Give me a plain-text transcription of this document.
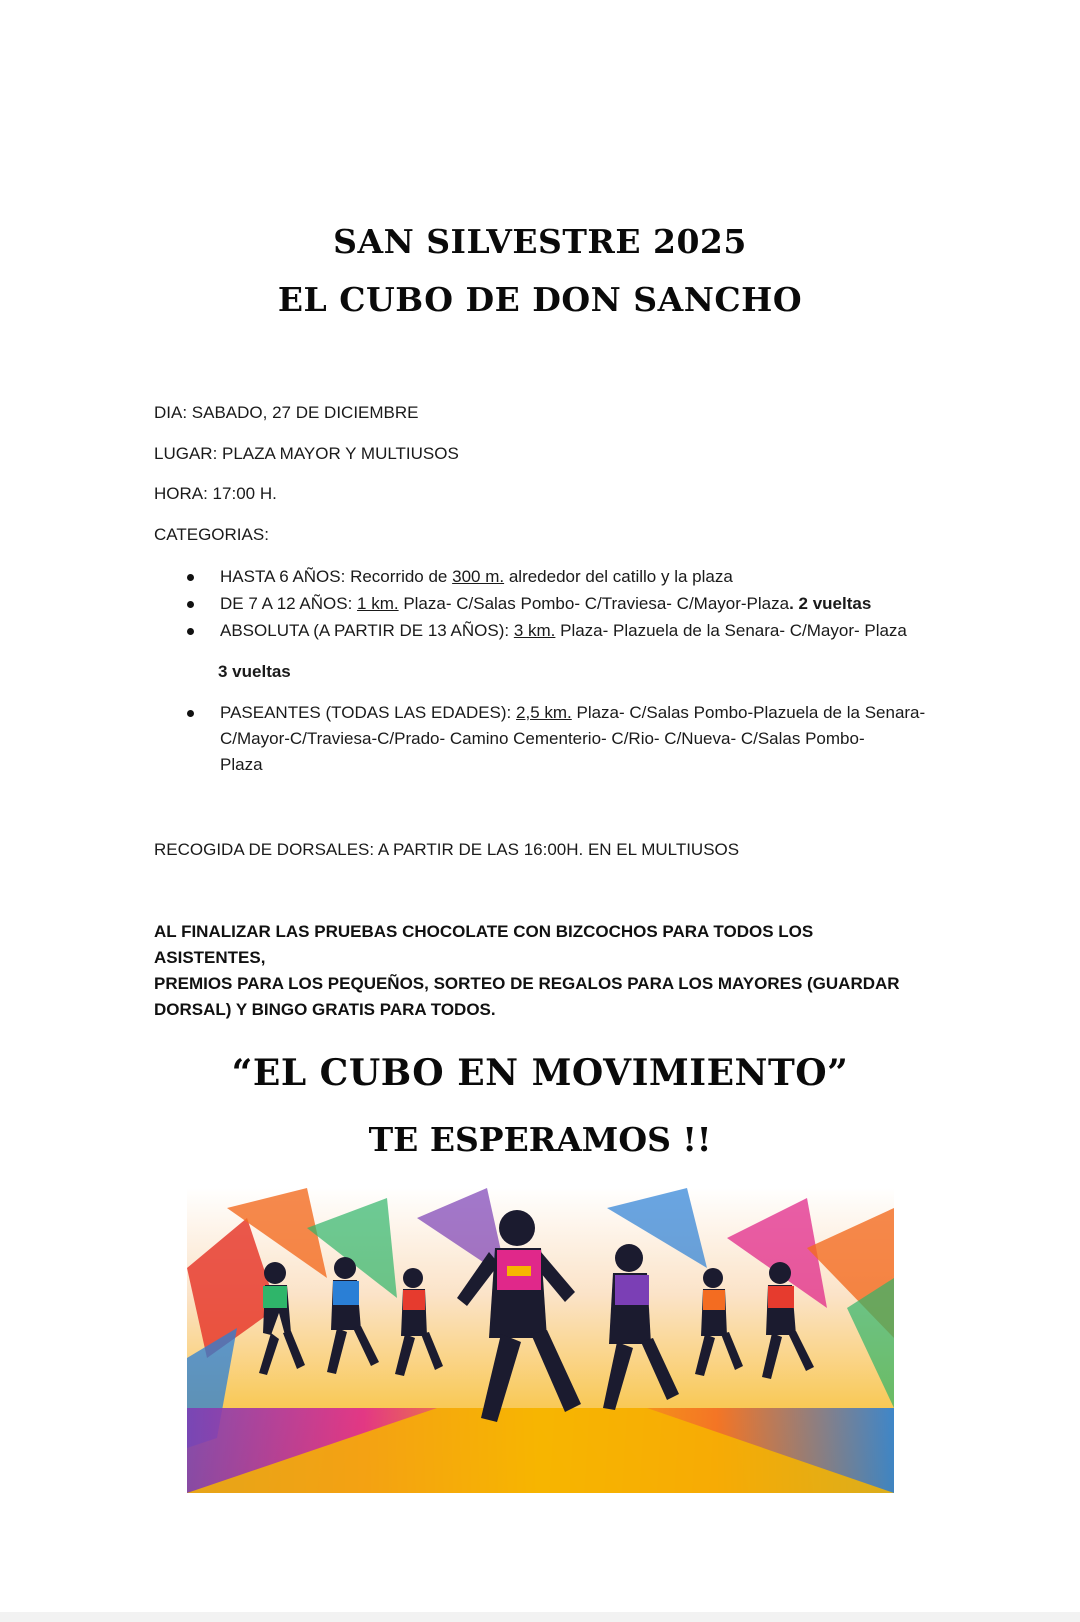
SAN SILVESTRE 2025
EL CUBO DE DON SANCHO
DIA: SABADO, 27 DE DICIEMBRE
LUGAR: PLAZA MAYOR Y MULTIUSOS
HORA: 17:00 H.
CATEGORIAS:
HASTA 6 AÑOS: Recorrido de 300 m. alrededor del catillo y la plaza
DE 7 A 12 AÑOS: 1 km. Plaza- C/Salas Pombo- C/Traviesa- C/Mayor-Plaza. 2 vueltas
ABSOLUTA (A PARTIR DE 13 AÑOS): 3 km. Plaza- Plazuela de la Senara- C/Mayor- Plaza
3 vueltas
PASEANTES (TODAS LAS EDADES): 2,5 km. Plaza- C/Salas Pombo-Plazuela de la Senara-
C/Mayor-C/Traviesa-C/Prado- Camino Cementerio- C/Rio- C/Nueva- C/Salas Pombo-
Plaza
RECOGIDA DE DORSALES: A PARTIR DE LAS 16:00H. EN EL MULTIUSOS
AL FINALIZAR LAS PRUEBAS CHOCOLATE CON BIZCOCHOS PARA TODOS LOS ASISTENTES,
PREMIOS PARA LOS PEQUEÑOS, SORTEO DE REGALOS PARA LOS MAYORES (GUARDAR
DORSAL) Y BINGO GRATIS PARA TODOS.
“EL CUBO EN MOVIMIENTO”
TE ESPERAMOS !!
